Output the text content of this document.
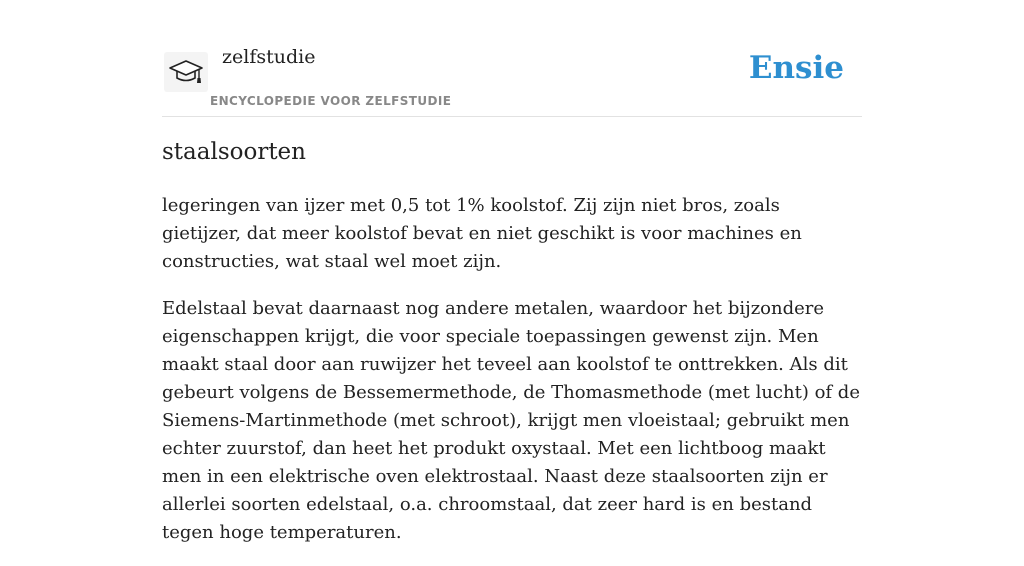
zelfstudie
ENCYCLOPEDIE VOOR ZELFSTUDIE
Ensie
staalsoorten

legeringen van ijzer met 0,5 tot 1% koolstof. Zij zijn niet bros, zoals gietijzer, dat meer koolstof bevat en niet geschikt is voor machines en constructies, wat staal wel moet zijn.

Edelstaal bevat daarnaast nog andere metalen, waardoor het bijzondere eigenschappen krijgt, die voor speciale toepassingen gewenst zijn. Men maakt staal door aan ruwijzer het teveel aan koolstof te onttrekken. Als dit gebeurt volgens de Bessemermethode, de Thomasmethode (met lucht) of de Siemens-Martinmethode (met schroot), krijgt men vloeistaal; gebruikt men echter zuurstof, dan heet het produkt oxystaal. Met een lichtboog maakt men in een elektrische oven elektrostaal. Naast deze staalsoorten zijn er allerlei soorten edelstaal, o.a. chroomstaal, dat zeer hard is en bestand tegen hoge temperaturen.
